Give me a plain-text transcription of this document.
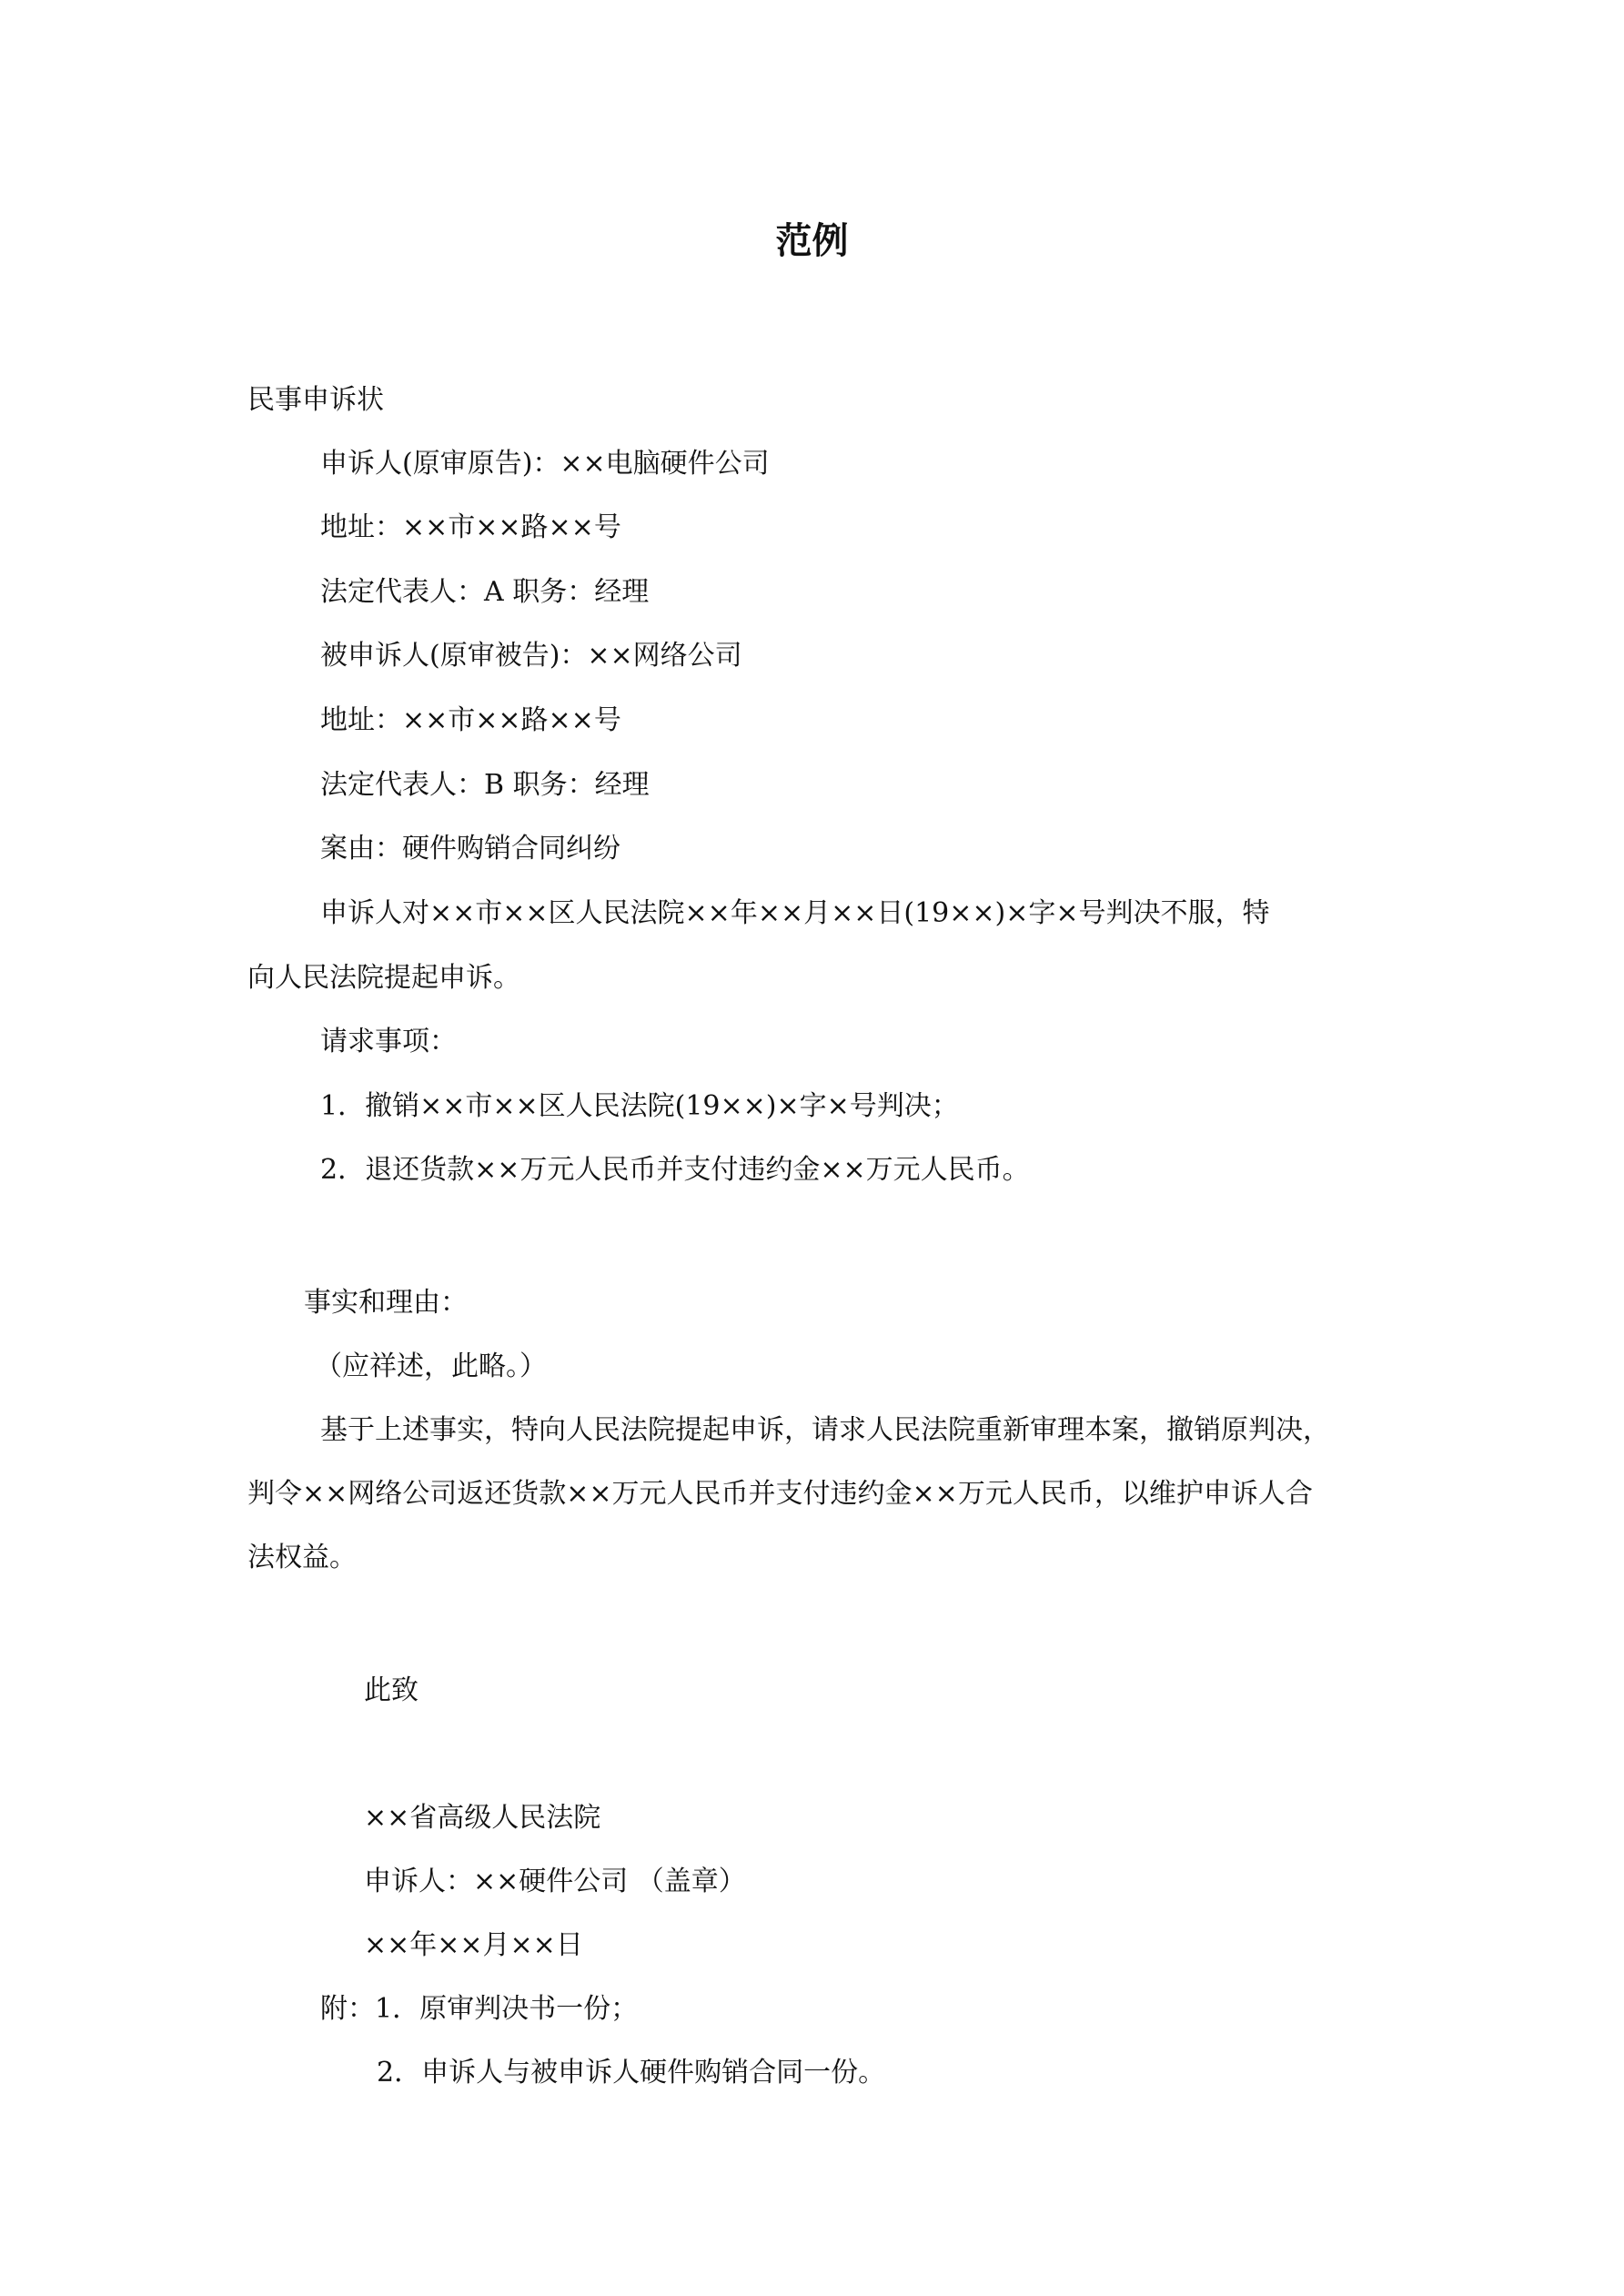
范例
民事申诉状
申诉人(原审原告)：××电脑硬件公司
地址：××市××路××号
法定代表人：A 职务：经理
被申诉人(原审被告)：××网络公司
地址：××市××路××号
法定代表人：B 职务：经理
案由：硬件购销合同纠纷
申诉人对××市××区人民法院××年××月××日(19××)×字×号判决不服，特
向人民法院提起申诉。
请求事项：
1．撤销××市××区人民法院(19××)×字×号判决；
2．退还货款××万元人民币并支付违约金××万元人民币。
事实和理由：
（应祥述，此略。）
基于上述事实，特向人民法院提起申诉，请求人民法院重新审理本案，撤销原判决，
判令××网络公司返还货款××万元人民币并支付违约金××万元人民币，以维护申诉人合
法权益。
此致
××省高级人民法院
申诉人：××硬件公司 （盖章）
××年××月××日
附：1．原审判决书一份；
2．申诉人与被申诉人硬件购销合同一份。
